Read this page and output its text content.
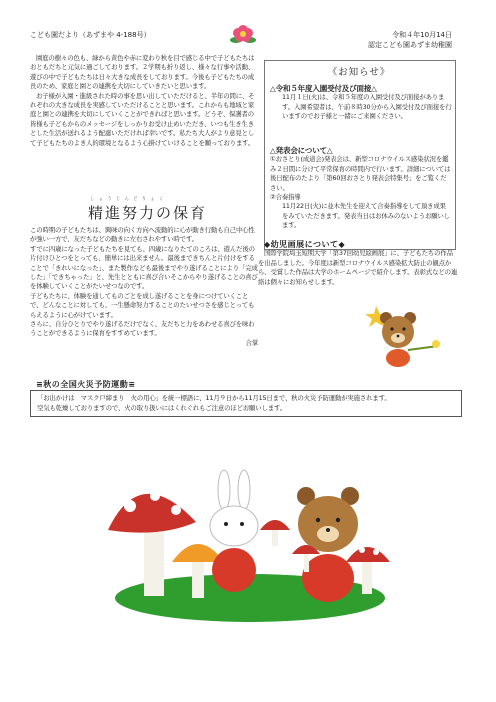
こども園だより（あずまや 4-188号）	令和４年10月14日
認定こども園あずま幼稚園

園庭の樹々の色も、緑から黄色や赤に変わり秋を目で感じる中で子どもたちはおともだちと元気に過ごしております。２学期も折り返し、様々な行事や活動、遊びの中で子どもたちは日々大きな成長をしております。今後も子どもたちの成長のため、家庭と園との連携を大切にしていきたいと思います。

お子様が入園・進級された時の事を思い出していただけると、半年の間に、それぞれの大きな成長を実感していただけることと思います。これからも地域と家庭と園との連携を大切にしていくことができればと思います。どうぞ、保護者の皆様も子どもからのメッセージをしっかりお受け止めいただき、いつも生き生きとした生活が送れるよう配慮いただければ幸いです。私たち大人がより意見として子どもたちのよき人的環境となるよう心掛けていけることを願っております。

しょうじんどりょく
精進努力の保育

この時期の子どもたちは、興味の向く方向へ流動的に心が動き行動も自己中心性が強い一方で、友だちなどの動きに左右されやすい時です。

すでに四歳になった子どもたちを見ても、四歳になりたてのころは、遊んだ後の片付けひとつをとっても、簡単には出来ません。最後まできちんと片付けをすることで「きれいになった」、また製作なども最後までやり遂げることにより「完成した」「できちゃった」と、先生とともに喜び合いそこからやり遂げることの喜びを体験していくことがたいせつなのです。

子どもたちに、体験を通してものごとを成し遂げることを身につけていくことで、どんなことに対しても、一生懸命努力することのたいせつさを感じとってもらえるように心がけています。

さらに、自分ひとりでやり遂げるだけでなく、友だちと力をあわせる喜びを味わうことができるように保育をすすめています。

合掌

《お知らせ》

△令和５年度入園受付及び面接△

11月１日(火)は、令和５年度の入園受付及び面接があります。入園希望者は、午前８時30分から入園受付及び面接を行いますのでお子様と一緒にご来園ください。

△発表会について△

①おさとり(成道会)発表会は、新型コロナウイルス感染状況を鑑み２日間に分けて平常保育の時間内で行います。詳細については後日配布のたより「第60回おさとり発表会特集号」をご覧ください。

②合奏指導

11月22日(火)に並木先生を迎えて合奏指導をして頂き成果をみていただきます。発表当日はお休みのないようお願いします。

◆幼児画展について◆

国際学院埼玉短期大学「第37回幼児絵画展」に、子どもたちの作品を出品しました。今年度は新型コロナウイルス感染拡大防止の観点から、受賞した作品は大学のホームページで紹介します。表彰式などの連絡は個々にお知らせします。

≡秋の全国火災予防運動≡

「お出かけは　マスク戸締まり　火の用心」を統一標語に、11月９日から11月15日まで、秋の火災予防運動が実施されます。

空気も乾燥しておりますので、火の取り扱いにはくれぐれもご注意のほどお願いします。
